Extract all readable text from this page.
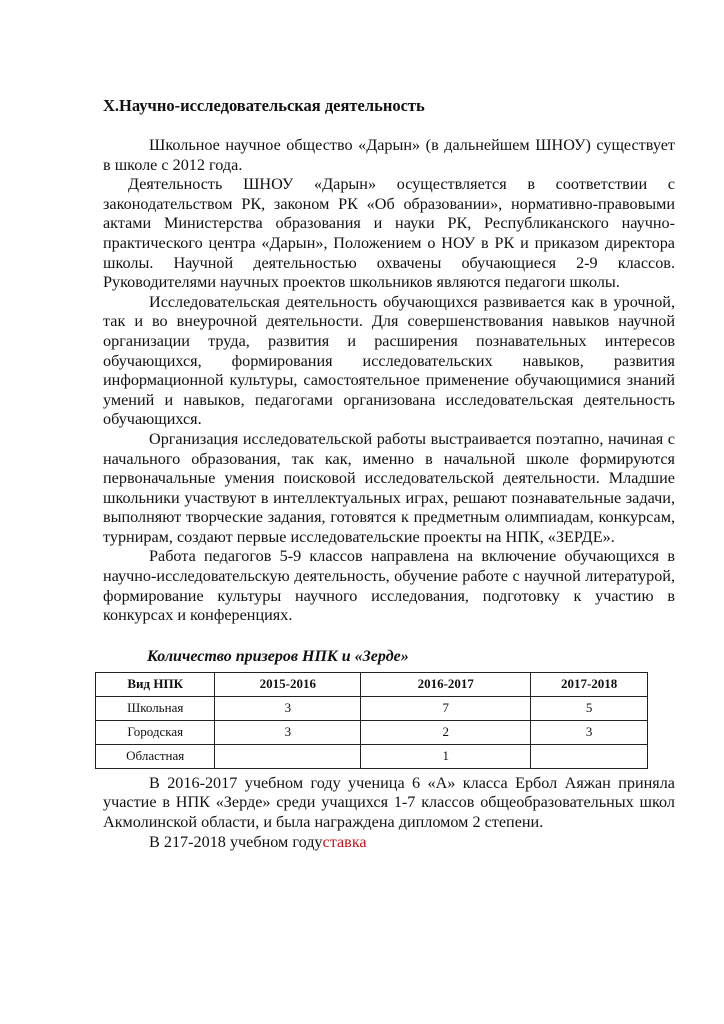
X.Научно-исследовательская деятельность

Школьное научное общество «Дарын» (в дальнейшем ШНОУ) существует в школе с 2012 года.

Деятельность ШНОУ «Дарын» осуществляется в соответствии с законодательством РК, законом РК «Об образовании», нормативно-правовыми актами Министерства образования и науки РК, Республиканского научно-практического центра «Дарын», Положением о НОУ в РК и приказом директора школы. Научной деятельностью охвачены обучающиеся 2-9 классов. Руководителями научных проектов школьников являются педагоги школы.

Исследовательская деятельность обучающихся развивается как в урочной, так и во внеурочной деятельности. Для совершенствования навыков научной организации труда, развития и расширения познавательных интересов обучающихся, формирования исследовательских навыков, развития информационной культуры, самостоятельное применение обучающимися знаний умений и навыков, педагогами организована исследовательская деятельность обучающихся.

Организация исследовательской работы выстраивается поэтапно, начиная с начального образования, так как, именно в начальной школе формируются первоначальные умения поисковой исследовательской деятельности. Младшие школьники участвуют в интеллектуальных играх, решают познавательные задачи, выполняют творческие задания, готовятся к предметным олимпиадам, конкурсам, турнирам, создают первые исследовательские проекты на НПК, «ЗЕРДЕ».

Работа педагогов 5-9 классов направлена на включение обучающихся в научно-исследовательскую деятельность, обучение работе с научной литературой, формирование культуры научного исследования, подготовку к участию в конкурсах и конференциях.

Количество призеров НПК и «Зерде»
Вид НПК	2015-2016	2016-2017	2017-2018
Школьная	3	7	5
Городская	3	2	3
Областная		1	

В 2016-2017 учебном году ученица 6 «А» класса Ербол Аяжан приняла участие в НПК «Зерде» среди учащихся 1-7 классов общеобразовательных школ Акмолинской области, и была награждена дипломом 2 степени.

В 217-2018 учебном годуставка
